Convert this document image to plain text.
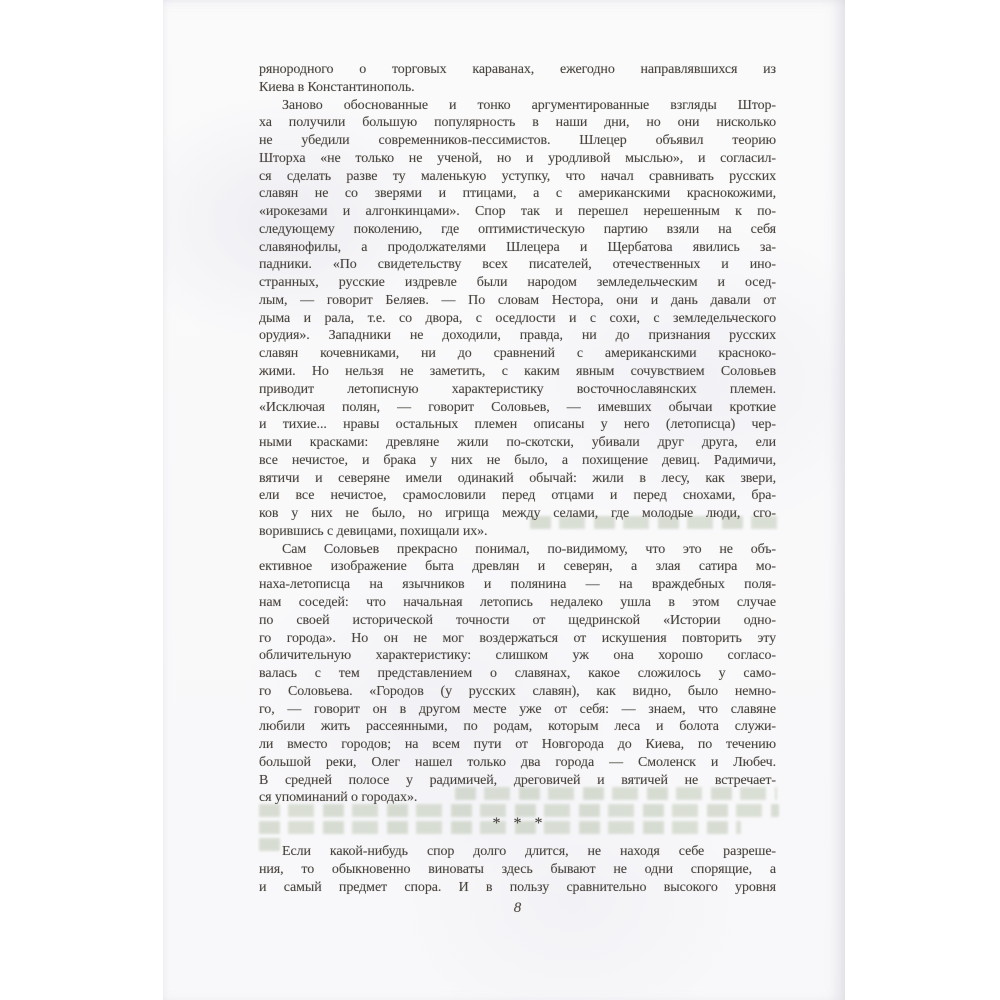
рянородного о торговых караванах, ежегодно направлявшихся из
Киева в Константинополь.
Заново обоснованные и тонко аргументированные взгляды Штор-
ха получили большую популярность в наши дни, но они нисколько
не убедили современников-пессимистов. Шлецер объявил теорию
Шторха «не только не ученой, но и уродливой мыслью», и согласил-
ся сделать разве ту маленькую уступку, что начал сравнивать русских
славян не со зверями и птицами, а с американскими краснокожими,
«ирокезами и алгонкинцами». Спор так и перешел нерешенным к по-
следующему поколению, где оптимистическую партию взяли на себя
славянофилы, а продолжателями Шлецера и Щербатова явились за-
падники. «По свидетельству всех писателей, отечественных и ино-
странных, русские издревле были народом земледельческим и осед-
лым, — говорит Беляев. — По словам Нестора, они и дань давали от
дыма и рала, т.е. со двора, с оседлости и с сохи, с земледельческого
орудия». Западники не доходили, правда, ни до признания русских
славян кочевниками, ни до сравнений с американскими красноко-
жими. Но нельзя не заметить, с каким явным сочувствием Соловьев
приводит летописную характеристику восточнославянских племен.
«Исключая полян, — говорит Соловьев, — имевших обычаи кроткие
и тихие... нравы остальных племен описаны у него (летописца) чер-
ными красками: древляне жили по-скотски, убивали друг друга, ели
все нечистое, и брака у них не было, а похищение девиц. Радимичи,
вятичи и северяне имели одинакий обычай: жили в лесу, как звери,
ели все нечистое, срамословили перед отцами и перед снохами, бра-
ков у них не было, но игрища между селами, где молодые люди, сго-
ворившись с девицами, похищали их».
Сам Соловьев прекрасно понимал, по-видимому, что это не объ-
ективное изображение быта древлян и северян, а злая сатира мо-
наха-летописца на язычников и полянина — на враждебных поля-
нам соседей: что начальная летопись недалеко ушла в этом случае
по своей исторической точности от щедринской «Истории одно-
го города». Но он не мог воздержаться от искушения повторить эту
обличительную характеристику: слишком уж она хорошо согласо-
валась с тем представлением о славянах, какое сложилось у само-
го Соловьева. «Городов (у русских славян), как видно, было немно-
го, — говорит он в другом месте уже от себя: — знаем, что славяне
любили жить рассеянными, по родам, которым леса и болота служи-
ли вместо городов; на всем пути от Новгорода до Киева, по течению
большой реки, Олег нашел только два города — Смоленск и Любеч.
В средней полосе у радимичей, дреговичей и вятичей не встречает-
ся упоминаний о городах».
* * *
Если какой-нибудь спор долго длится, не находя себе разреше-
ния, то обыкновенно виноваты здесь бывают не одни спорящие, а
и самый предмет спора. И в пользу сравнительно высокого уровня
8
